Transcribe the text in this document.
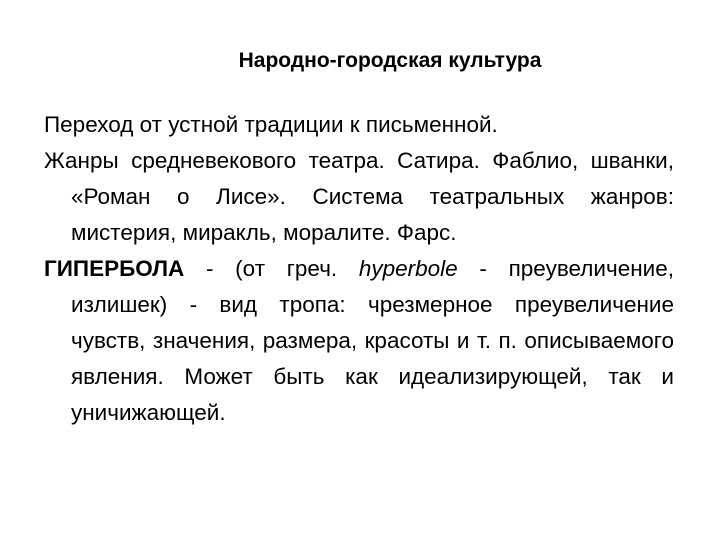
Народно-городская культура

Переход от устной традиции к письменной.

Жанры средневекового театра. Сатира. Фаблио, шванки, «Роман о Лисе». Система театральных жанров: мистерия, миракль, моралите. Фарс.

ГИПЕРБОЛА - (от греч. hyperbole - преувеличение, излишек) - вид тропа: чрезмерное преувеличение чувств, значения, размера, красоты и т. п. описываемого явления. Может быть как идеализирующей, так и уничижающей.
